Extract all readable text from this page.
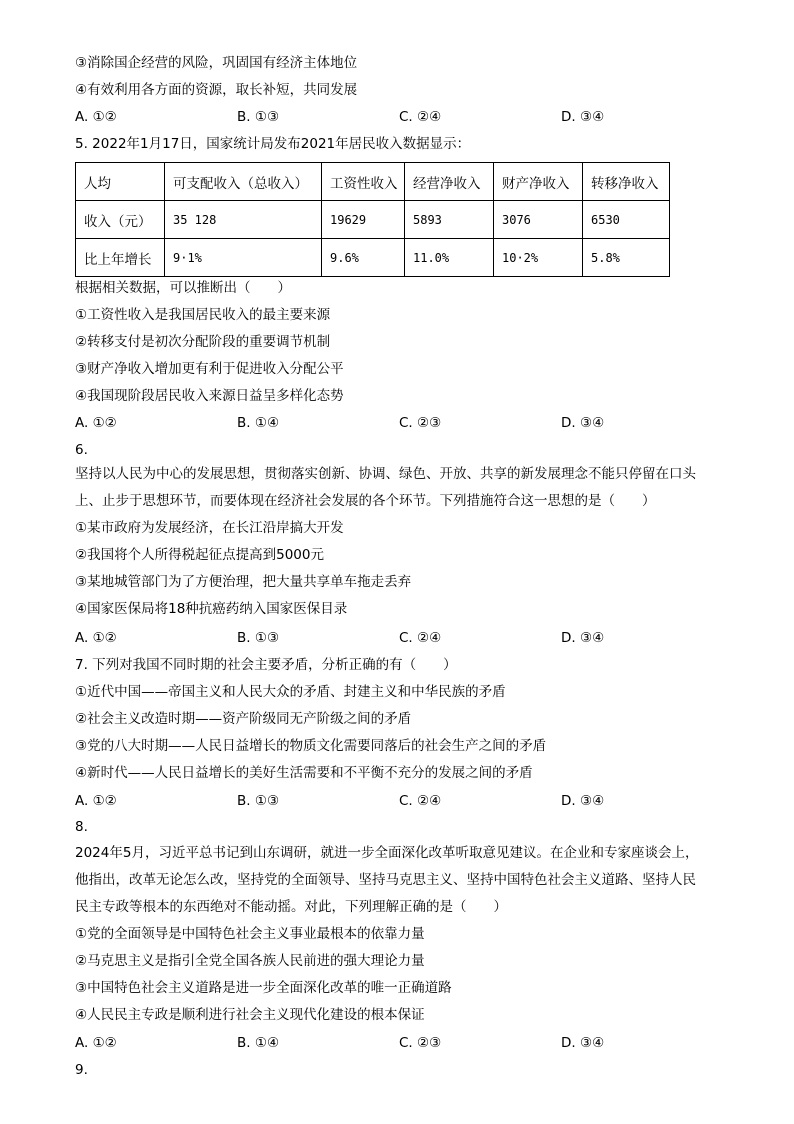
③消除国企经营的风险，巩固国有经济主体地位
④有效利用各方面的资源，取长补短，共同发展
A. ①②	B. ①③	C. ②④	D. ③④
5. 2022年1月17日，国家统计局发布2021年居民收入数据显示：
人均	可支配收入（总收入）	工资性收入	经营净收入	财产净收入	转移净收入
收入（元）	35 128	19629	5893	3076	6530
比上年增长	9·1%	9.6%	11.0%	10·2%	5.8%
根据相关数据，可以推断出（　　）
①工资性收入是我国居民收入的最主要来源
②转移支付是初次分配阶段的重要调节机制
③财产净收入增加更有利于促进收入分配公平
④我国现阶段居民收入来源日益呈多样化态势
A. ①②	B. ①④	C. ②③	D. ③④
6.
坚持以人民为中心的发展思想，贯彻落实创新、协调、绿色、开放、共享的新发展理念不能只停留在口头
上、止步于思想环节，而要体现在经济社会发展的各个环节。下列措施符合这一思想的是（　　）
①某市政府为发展经济，在长江沿岸搞大开发
②我国将个人所得税起征点提高到5000元
③某地城管部门为了方便治理，把大量共享单车拖走丢弃
④国家医保局将18种抗癌药纳入国家医保目录
A. ①②	B. ①③	C. ②④	D. ③④
7. 下列对我国不同时期的社会主要矛盾，分析正确的有（　　）
①近代中国——帝国主义和人民大众的矛盾、封建主义和中华民族的矛盾
②社会主义改造时期——资产阶级同无产阶级之间的矛盾
③党的八大时期——人民日益增长的物质文化需要同落后的社会生产之间的矛盾
④新时代——人民日益增长的美好生活需要和不平衡不充分的发展之间的矛盾
A. ①②	B. ①③	C. ②④	D. ③④
8.
2024年5月，习近平总书记到山东调研，就进一步全面深化改革听取意见建议。在企业和专家座谈会上，
他指出，改革无论怎么改，坚持党的全面领导、坚持马克思主义、坚持中国特色社会主义道路、坚持人民
民主专政等根本的东西绝对不能动摇。对此，下列理解正确的是（　　）
①党的全面领导是中国特色社会主义事业最根本的依靠力量
②马克思主义是指引全党全国各族人民前进的强大理论力量
③中国特色社会主义道路是进一步全面深化改革的唯一正确道路
④人民民主专政是顺利进行社会主义现代化建设的根本保证
A. ①②	B. ①④	C. ②③	D. ③④
9.
